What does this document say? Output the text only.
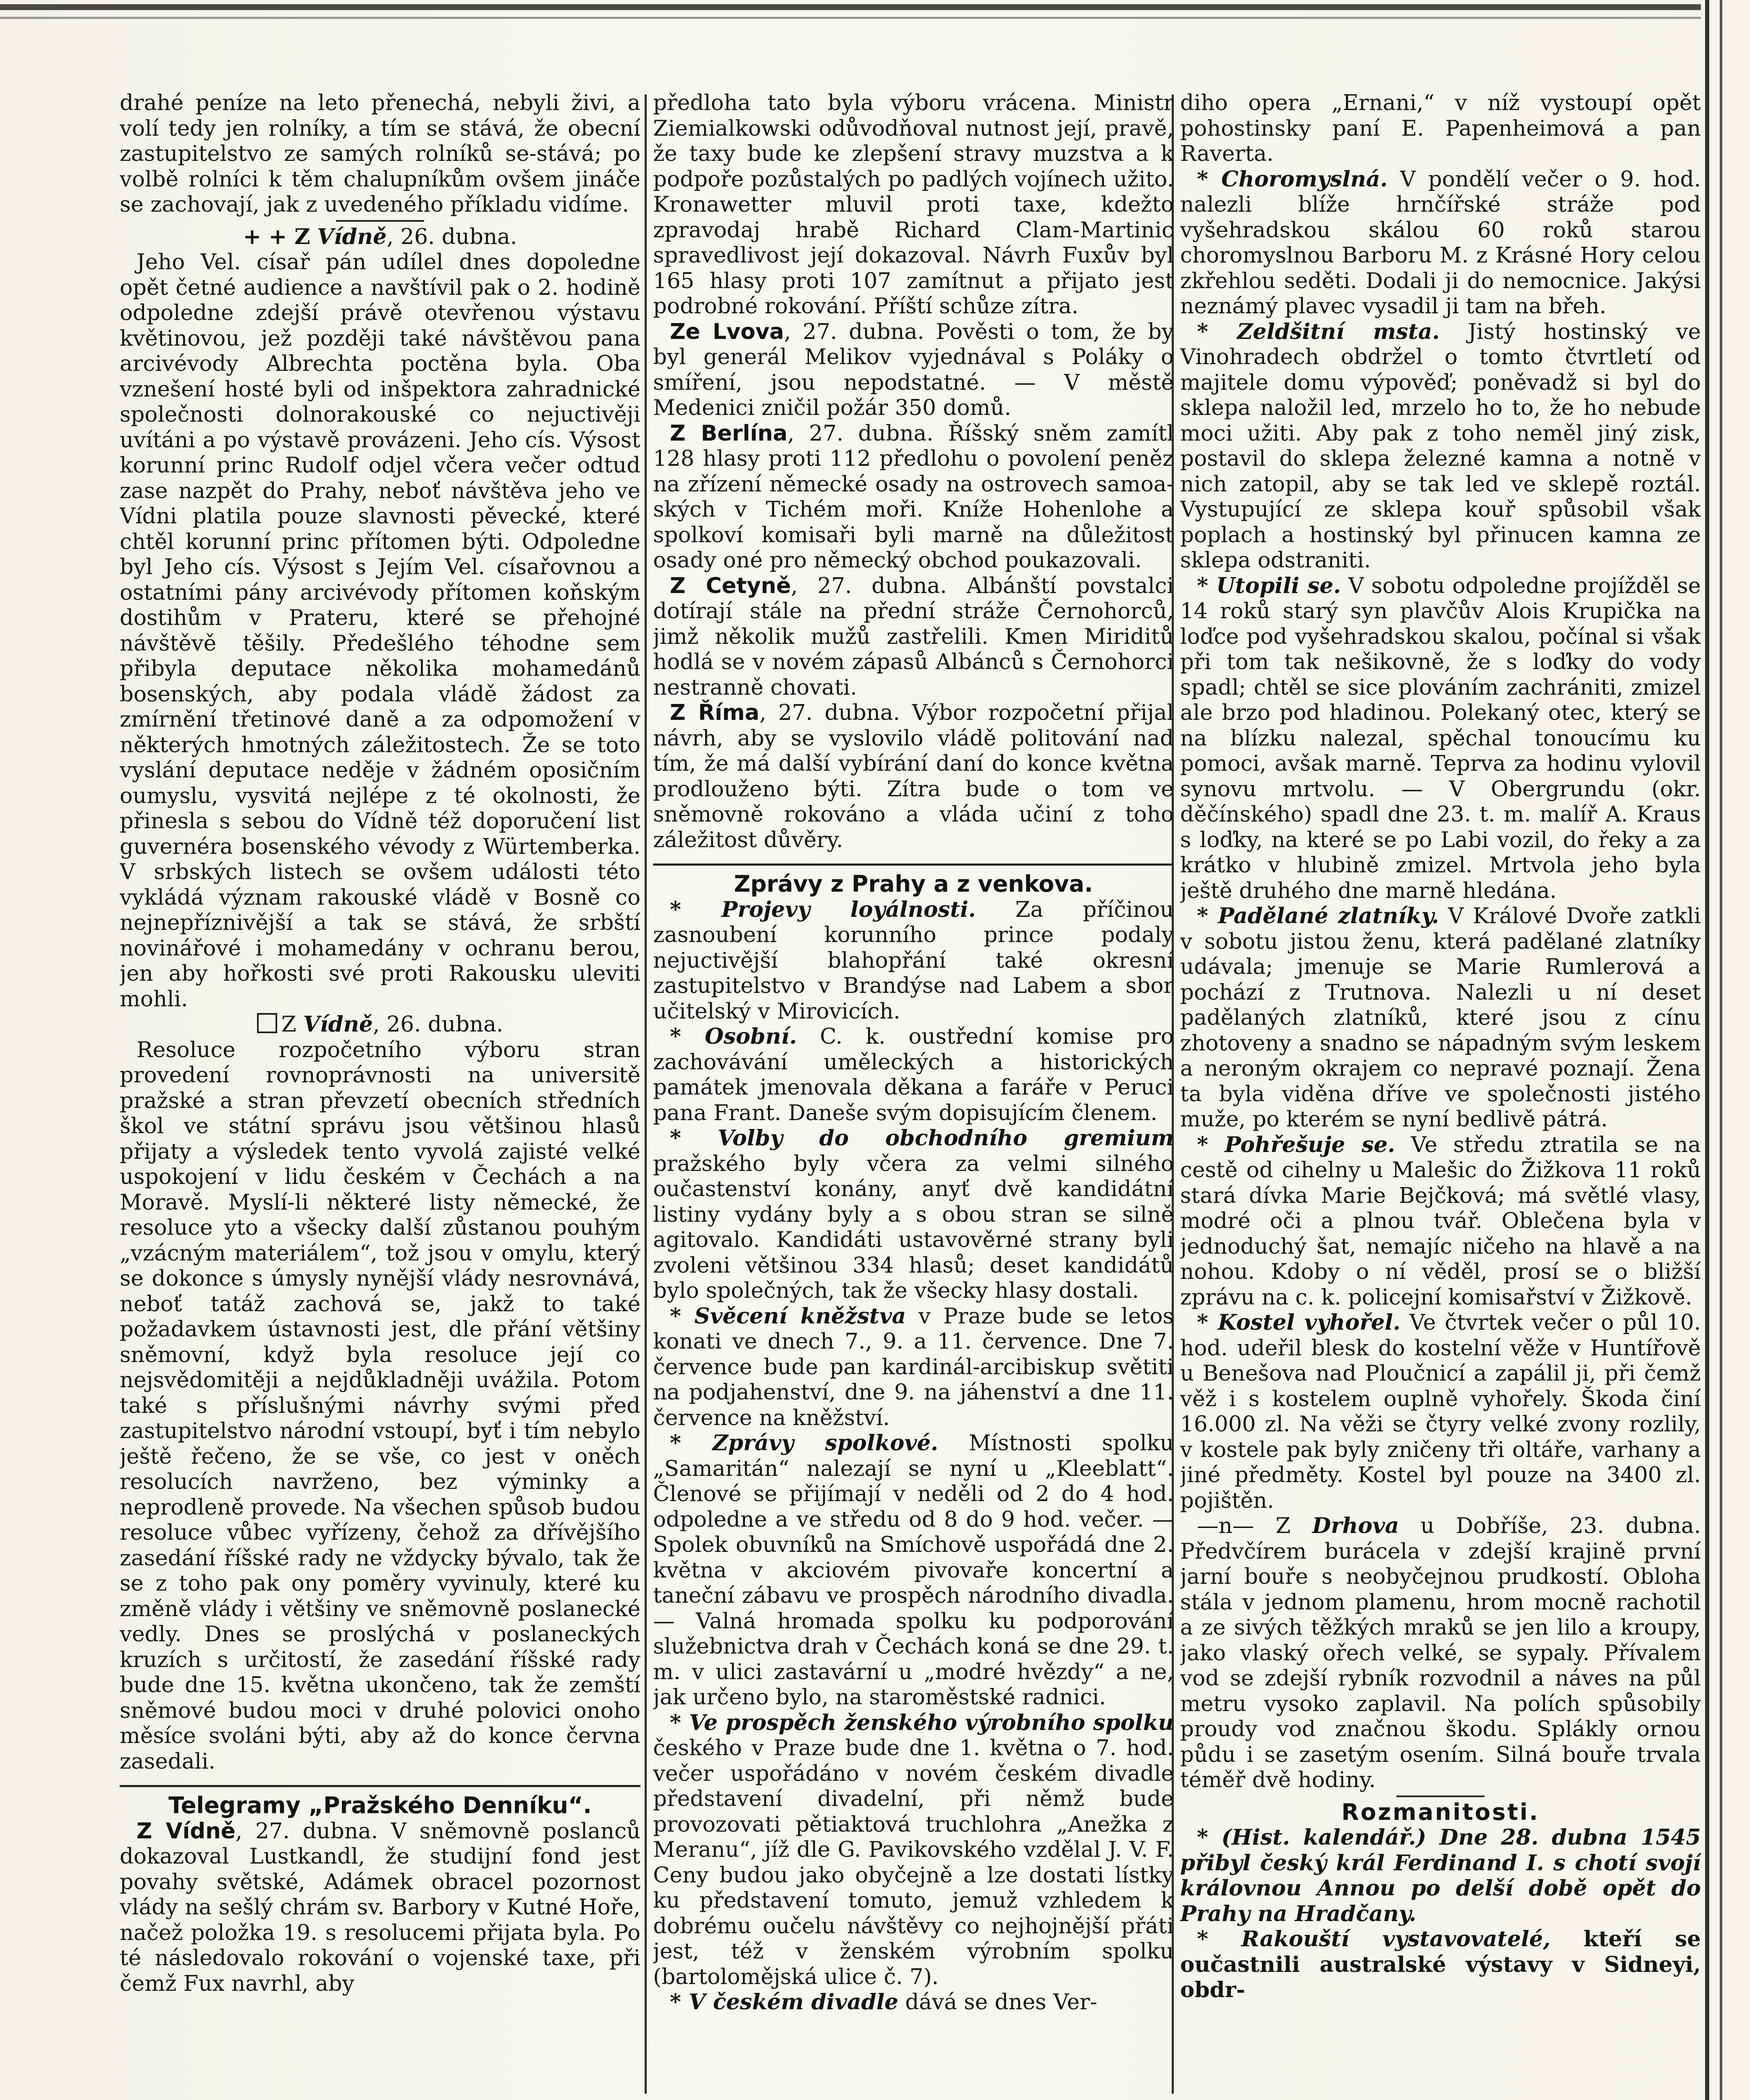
drahé peníze na leto přenechá, nebyli živi, a volí tedy jen rolníky, a tím se stává, že obecní zastupitelstvo ze samých rolníků se-stává; po volbě rolníci k těm chalupníkům ovšem jináče se zachovají, jak z uvedeného příkladu vidíme.

+ + Z Vídně, 26. dubna.

Jeho Vel. císař pán udílel dnes dopoledne opět četné audience a navštívil pak o 2. hodině odpoledne zdejší právě otevřenou výstavu květinovou, jež později také návštěvou pana arcivévody Albrechta poctěna byla. Oba vznešení hosté byli od inšpektora zahradnické společnosti dolnorakouské co nejuctivěji uvítáni a po výstavě provázeni. Jeho cís. Výsost korunní princ Rudolf odjel včera večer odtud zase nazpět do Prahy, neboť návštěva jeho ve Vídni platila pouze slavnosti pěvecké, které chtěl korunní princ přítomen býti. Odpoledne byl Jeho cís. Výsost s Jejím Vel. císařovnou a ostatními pány arcivévody přítomen koňským dostihům v Prateru, které se přehojné návštěvě těšily. Předešlého téhodne sem přibyla deputace několika mohamedánů bosenských, aby podala vládě žádost za zmírnění třetinové daně a za odpomožení v některých hmotných záležitostech. Že se toto vyslání deputace neděje v žádném oposičním oumyslu, vysvitá nejlépe z té okolnosti, že přinesla s sebou do Vídně též doporučení list guvernéra bosenského vévody z Würtemberka. V srbských listech se ovšem události této vykládá význam rakouské vládě v Bosně co nejnepříznivější a tak se stává, že srbští novinářové i mohamedány v ochranu berou, jen aby hořkosti své proti Rakousku uleviti mohli.

Z Vídně, 26. dubna.

Resoluce rozpočetního výboru stran provedení rovnoprávnosti na universitě pražské a stran převzetí obecních středních škol ve státní správu jsou většinou hlasů přijaty a výsledek tento vyvolá zajisté velké uspokojení v lidu českém v Čechách a na Moravě. Myslí-li některé listy německé, že resoluce yto a všecky další zůstanou pouhým „vzácným materiálem“, tož jsou v omylu, který se dokonce s úmysly nynější vlády nesrovnává, neboť tatáž zachová se, jakž to také požadavkem ústavnosti jest, dle přání většiny sněmovní, když byla resoluce její co nejsvědomitěji a nejdůkladněji uvážila. Potom také s příslušnými návrhy svými před zastupitelstvo národní vstoupí, byť i tím nebylo ještě řečeno, že se vše, co jest v oněch resolucích navrženo, bez výminky a neprodleně provede. Na všechen spůsob budou resoluce vůbec vyřízeny, čehož za dřívějšího zasedání říšské rady ne vždycky bývalo, tak že se z toho pak ony poměry vyvinuly, které ku změně vlády i většiny ve sněmovně poslanecké vedly. Dnes se proslýchá v poslaneckých kruzích s určitostí, že zasedání říšské rady bude dne 15. května ukončeno, tak že zemští sněmové budou moci v druhé polovici onoho měsíce svoláni býti, aby až do konce června zasedali.

Telegramy „Pražského Denníku“.

Z Vídně, 27. dubna. V sněmovně poslanců dokazoval Lustkandl, že studijní fond jest povahy světské, Adámek obracel pozornost vlády na sešlý chrám sv. Barbory v Kutné Hoře, načež položka 19. s resolucemi přijata byla. Po té následovalo rokování o vojenské taxe, při čemž Fux navrhl, aby

předloha tato byla výboru vrácena. Ministr Ziemialkowski odůvodňoval nutnost její, pravě, že taxy bude ke zlepšení stravy muzstva a k podpoře pozůstalých po padlých vojínech užito. Kronawetter mluvil proti taxe, kdežto zpravodaj hrabě Richard Clam-Martinic spravedlivost její dokazoval. Návrh Fuxův byl 165 hlasy proti 107 zamítnut a přijato jest podrobné rokování. Příští schůze zítra.

Ze Lvova, 27. dubna. Pověsti o tom, že by byl generál Melikov vyjednával s Poláky o smíření, jsou nepodstatné. — V městě Medenici zničil požár 350 domů.

Z Berlína, 27. dubna. Říšský sněm zamítl 128 hlasy proti 112 předlohu o povolení peněz na zřízení německé osady na ostrovech samoa-ských v Tichém moři. Kníže Hohenlohe a spolkoví komisaři byli marně na důležitost osady oné pro německý obchod poukazovali.

Z Cetyně, 27. dubna. Albánští povstalci dotírají stále na přední stráže Černohorců, jimž několik mužů zastřelili. Kmen Miriditů hodlá se v novém zápasů Albánců s Černohorci nestranně chovati.

Z Říma, 27. dubna. Výbor rozpočetní přijal návrh, aby se vyslovilo vládě politování nad tím, že má další vybírání daní do konce května prodlouženo býti. Zítra bude o tom ve sněmovně rokováno a vláda učiní z toho záležitost důvěry.

Zprávy z Prahy a z venkova.

* Projevy loyálnosti. Za příčinou zasnoubení korunního prince podaly nejuctivější blahopřání také okresní zastupitelstvo v Brandýse nad Labem a sbor učitelský v Mirovicích.

* Osobní. C. k. oustřední komise pro zachovávání uměleckých a historických památek jmenovala děkana a faráře v Peruci pana Frant. Daneše svým dopisujícím členem.

* Volby do obchodního gremium pražského byly včera za velmi silného oučastenství konány, anyť dvě kandidátní listiny vydány byly a s obou stran se silně agitovalo. Kandidáti ustavověrné strany byli zvoleni většinou 334 hlasů; deset kandidátů bylo společných, tak že všecky hlasy dostali.

* Svěcení kněžstva v Praze bude se letos konati ve dnech 7., 9. a 11. července. Dne 7. července bude pan kardinál-arcibiskup světiti na podjahenství, dne 9. na jáhenství a dne 11. července na kněžství.

* Zprávy spolkové. Místnosti spolku „Samaritán“ nalezají se nyní u „Kleeblatt“. Členové se přijímají v neděli od 2 do 4 hod. odpoledne a ve středu od 8 do 9 hod. večer. — Spolek obuvníků na Smíchově uspořádá dne 2. května v akciovém pivovaře koncertní a taneční zábavu ve prospěch národního divadla. — Valná hromada spolku ku podporování služebnictva drah v Čechách koná se dne 29. t. m. v ulici zastavární u „modré hvězdy“ a ne, jak určeno bylo, na staroměstské radnici.

* Ve prospěch ženského výrobního spolku českého v Praze bude dne 1. května o 7. hod. večer uspořádáno v novém českém divadle představení divadelní, při němž bude provozovati pětiaktová truchlohra „Anežka z Meranu“, jíž dle G. Pavikovského vzdělal J. V. F. Ceny budou jako obyčejně a lze dostati lístky ku představení tomuto, jemuž vzhledem k dobrému oučelu návštěvy co nejhojnější přáti jest, též v ženském výrobním spolku (bartolomějská ulice č. 7).

* V českém divadle dává se dnes Ver-

diho opera „Ernani,“ v níž vystoupí opět pohostinsky paní E. Papenheimová a pan Raverta.

* Choromyslná. V pondělí večer o 9. hod. nalezli blíže hrnčířské stráže pod vyšehradskou skálou 60 roků starou choromyslnou Barboru M. z Krásné Hory celou zkřehlou seděti. Dodali ji do nemocnice. Jakýsi neznámý plavec vysadil ji tam na břeh.

* Zeldšitní msta. Jistý hostinský ve Vinohradech obdržel o tomto čtvrtletí od majitele domu výpověď; poněvadž si byl do sklepa naložil led, mrzelo ho to, že ho nebude moci užiti. Aby pak z toho neměl jiný zisk, postavil do sklepa železné kamna a notně v nich zatopil, aby se tak led ve sklepě roztál. Vystupující ze sklepa kouř spůsobil však poplach a hostinský byl přinucen kamna ze sklepa odstraniti.

* Utopili se. V sobotu odpoledne projížděl se 14 roků starý syn plavčův Alois Krupička na loďce pod vyšehradskou skalou, počínal si však při tom tak nešikovně, že s loďky do vody spadl; chtěl se sice plováním zachrániti, zmizel ale brzo pod hladinou. Polekaný otec, který se na blízku nalezal, spěchal tonoucímu ku pomoci, avšak marně. Teprva za hodinu vylovil synovu mrtvolu. — V Obergrundu (okr. děčínského) spadl dne 23. t. m. malíř A. Kraus s loďky, na které se po Labi vozil, do řeky a za krátko v hlubině zmizel. Mrtvola jeho byla ještě druhého dne marně hledána.

* Padělané zlatníky. V Králové Dvoře zatkli v sobotu jistou ženu, která padělané zlatníky udávala; jmenuje se Marie Rumlerová a pochází z Trutnova. Nalezli u ní deset padělaných zlatníků, které jsou z cínu zhotoveny a snadno se nápadným svým leskem a neroným okrajem co nepravé poznají. Žena ta byla viděna dříve ve společnosti jistého muže, po kterém se nyní bedlivě pátrá.

* Pohřešuje se. Ve středu ztratila se na cestě od cihelny u Malešic do Žižkova 11 roků stará dívka Marie Bejčková; má světlé vlasy, modré oči a plnou tvář. Oblečena byla v jednoduchý šat, nemajíc ničeho na hlavě a na nohou. Kdoby o ní věděl, prosí se o bližší zprávu na c. k. policejní komisařství v Žižkově.

* Kostel vyhořel. Ve čtvrtek večer o půl 10. hod. udeřil blesk do kostelní věže v Huntířově u Benešova nad Ploučnicí a zapálil ji, při čemž věž i s kostelem ouplně vyhořely. Škoda činí 16.000 zl. Na věži se čtyry velké zvony rozlily, v kostele pak byly zničeny tři oltáře, varhany a jiné předměty. Kostel byl pouze na 3400 zl. pojištěn.

—n— Z Drhova u Dobříše, 23. dubna. Předvčírem burácela v zdejší krajině první jarní bouře s neobyčejnou prudkostí. Obloha stála v jednom plamenu, hrom mocně rachotil a ze sivých těžkých mraků se jen lilo a kroupy, jako vlaský ořech velké, se sypaly. Přívalem vod se zdejší rybník rozvodnil a náves na půl metru vysoko zaplavil. Na polích spůsobily proudy vod značnou škodu. Splákly ornou půdu i se zasetým osením. Silná bouře trvala téměř dvě hodiny.

Rozmanitosti.

* (Hist. kalendář.) Dne 28. dubna 1545 přibyl český král Ferdinand I. s chotí svojí královnou Annou po delší době opět do Prahy na Hradčany.

* Rakouští vystavovatelé, kteří se oučastnili australské výstavy v Sidneyi, obdr-
